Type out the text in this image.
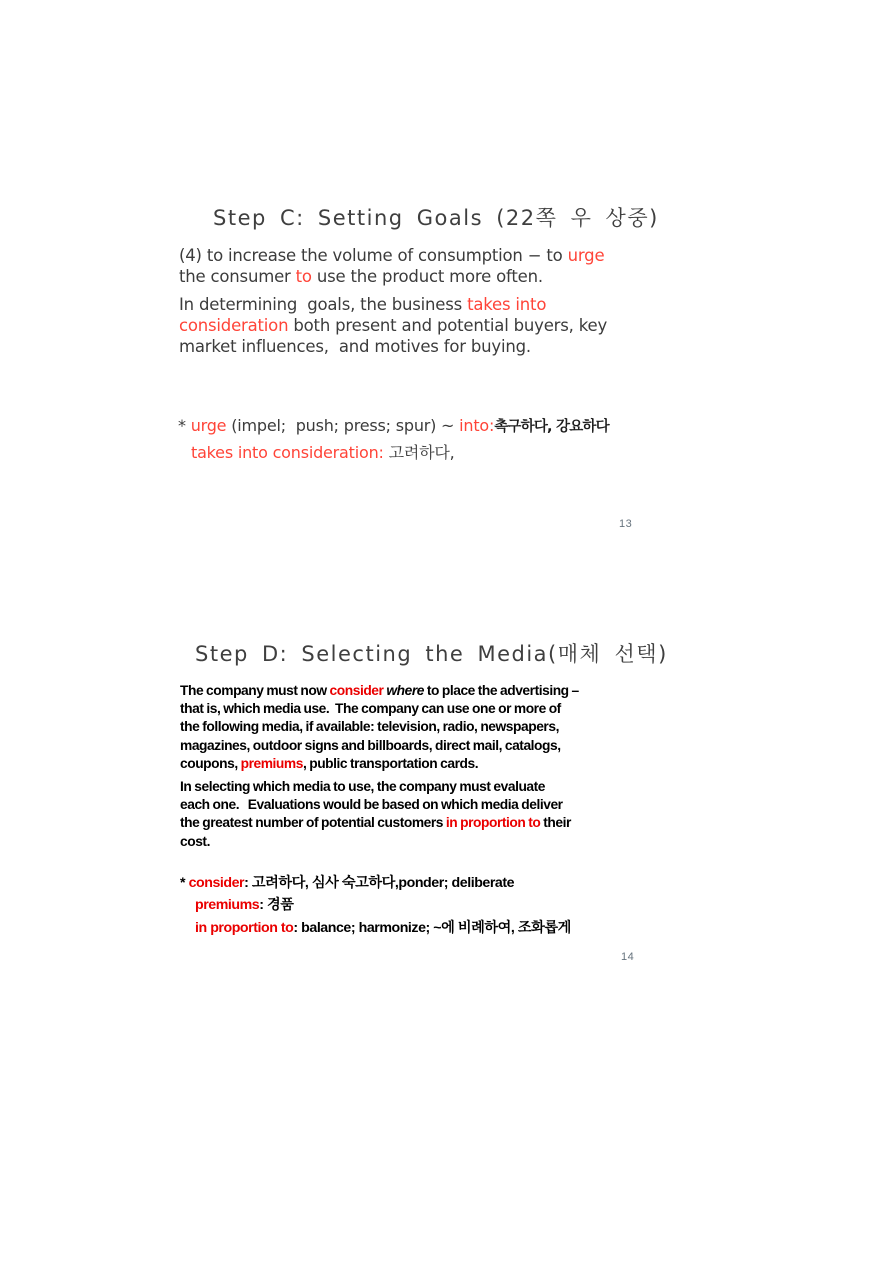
Step C: Setting Goals (22쪽 우 상중)
(4) to increase the volume of consumption − to urge
the consumer to use the product more often.
In determining  goals, the business takes into
consideration both present and potential buyers, key
market influences,  and motives for buying.
* urge (impel;  push; press; spur) ~ into:촉구하다, 강요하다
takes into consideration: 고려하다,
13
Step D: Selecting the Media(매체 선택)
The company must now consider where to place the advertising –
that is, which media use.  The company can use one or more of
the following media, if available: television, radio, newspapers,
magazines, outdoor signs and billboards, direct mail, catalogs,
coupons, premiums, public transportation cards.
In selecting which media to use, the company must evaluate
each one.   Evaluations would be based on which media deliver
the greatest number of potential customers in proportion to their
cost.
* consider: 고려하다, 심사 숙고하다,ponder; deliberate
premiums: 경품
in proportion to: balance; harmonize; ~에 비례하여, 조화롭게
14
